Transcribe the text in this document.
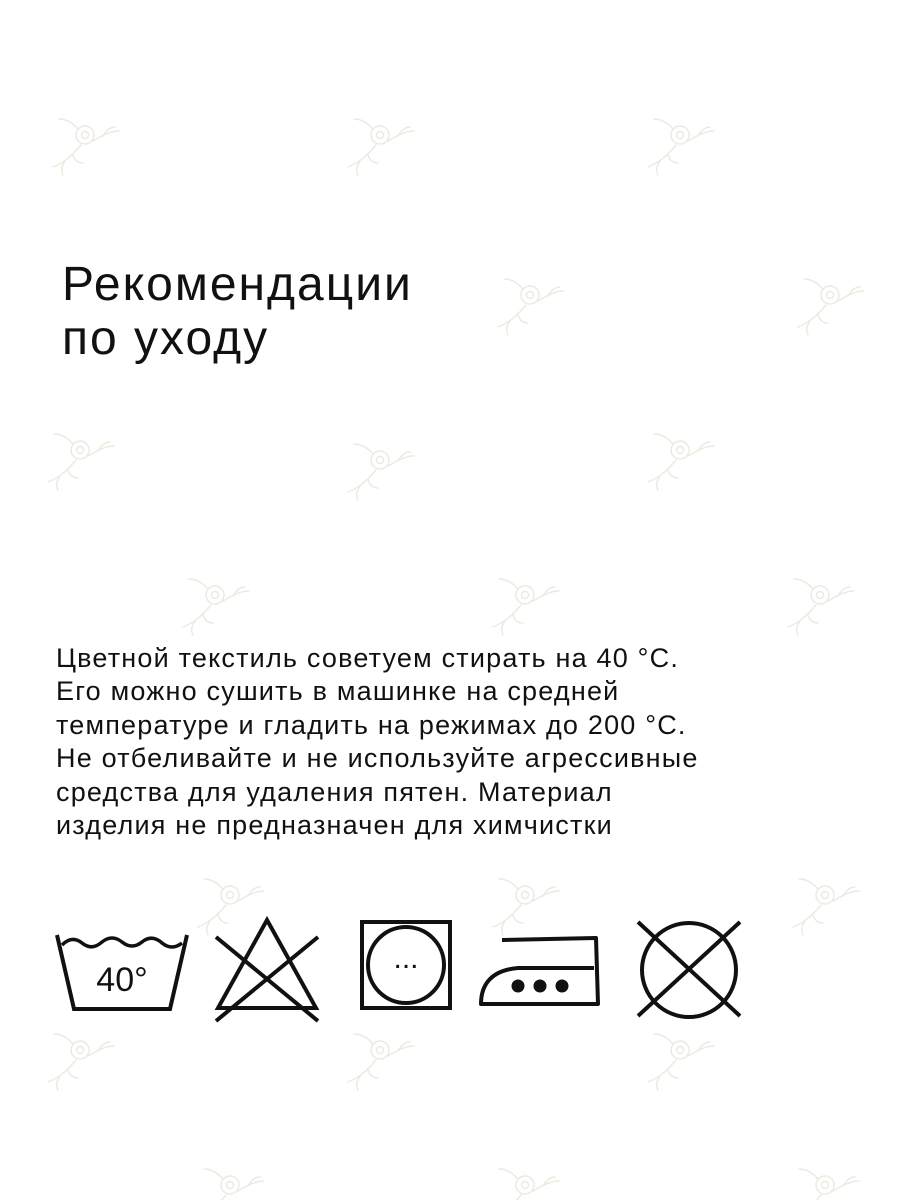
Рекомендации
по уходу

Цветной текстиль советуем стирать на 40 °С.
Его можно сушить в машинке на средней
температуре и гладить на режимах до 200 °С.
Не отбеливайте и не используйте агрессивные
средства для удаления пятен. Материал
изделия не предназначен для химчистки

40°
...
